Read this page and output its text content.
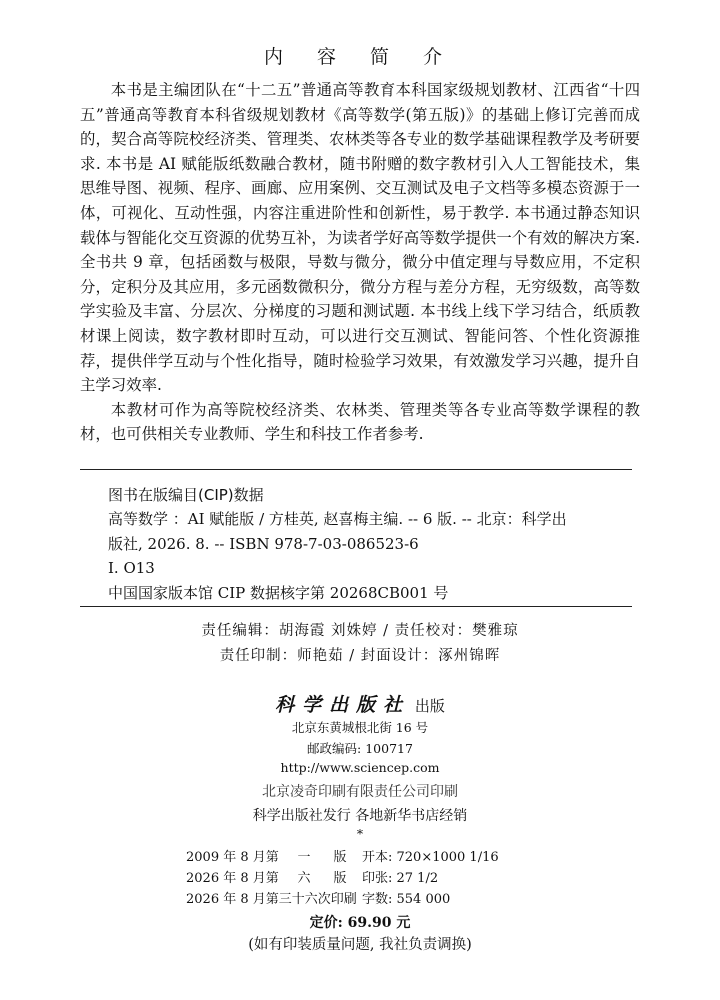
内 容 简 介

本书是主编团队在“十二五”普通高等教育本科国家级规划教材、江西省“十四五”普通高等教育本科省级规划教材《高等数学(第五版)》的基础上修订完善而成的，契合高等院校经济类、管理类、农林类等各专业的数学基础课程教学及考研要求. 本书是 AI 赋能版纸数融合教材，随书附赠的数字教材引入人工智能技术，集思维导图、视频、程序、画廊、应用案例、交互测试及电子文档等多模态资源于一体，可视化、互动性强，内容注重进阶性和创新性，易于教学. 本书通过静态知识载体与智能化交互资源的优势互补，为读者学好高等数学提供一个有效的解决方案. 全书共 9 章，包括函数与极限，导数与微分，微分中值定理与导数应用，不定积分，定积分及其应用，多元函数微积分，微分方程与差分方程，无穷级数，高等数学实验及丰富、分层次、分梯度的习题和测试题. 本书线上线下学习结合，纸质教材课上阅读，数字教材即时互动，可以进行交互测试、智能问答、个性化资源推荐，提供伴学互动与个性化指导，随时检验学习效果，有效激发学习兴趣，提升自主学习效率.

本教材可作为高等院校经济类、农林类、管理类等各专业高等数学课程的教材，也可供相关专业教师、学生和科技工作者参考.

图书在版编目(CIP)数据
高等数学 ：AI 赋能版 / 方桂英, 赵喜梅主编. -- 6 版. -- 北京：科学出
版社, 2026. 8. -- ISBN 978-7-03-086523-6
Ⅰ. O13
中国国家版本馆 CIP 数据核字第 20268CB001 号
责任编辑：胡海霞 刘姝婷 / 责任校对：樊雅琼
责任印制：师艳茹 / 封面设计：涿州锦晖
科学出版社 出版
北京东黄城根北街 16 号
邮政编码: 100717
http://www.sciencep.com
北京凌奇印刷有限责任公司印刷
科学出版社发行 各地新华书店经销
*
2009 年 8 月第 一 版 开本: 720×1000 1/16
2026 年 8 月第 六 版 印张: 27 1/2
2026 年 8 月第三十六次印刷 字数: 554 000
定价: 69.90 元
(如有印装质量问题, 我社负责调换)
